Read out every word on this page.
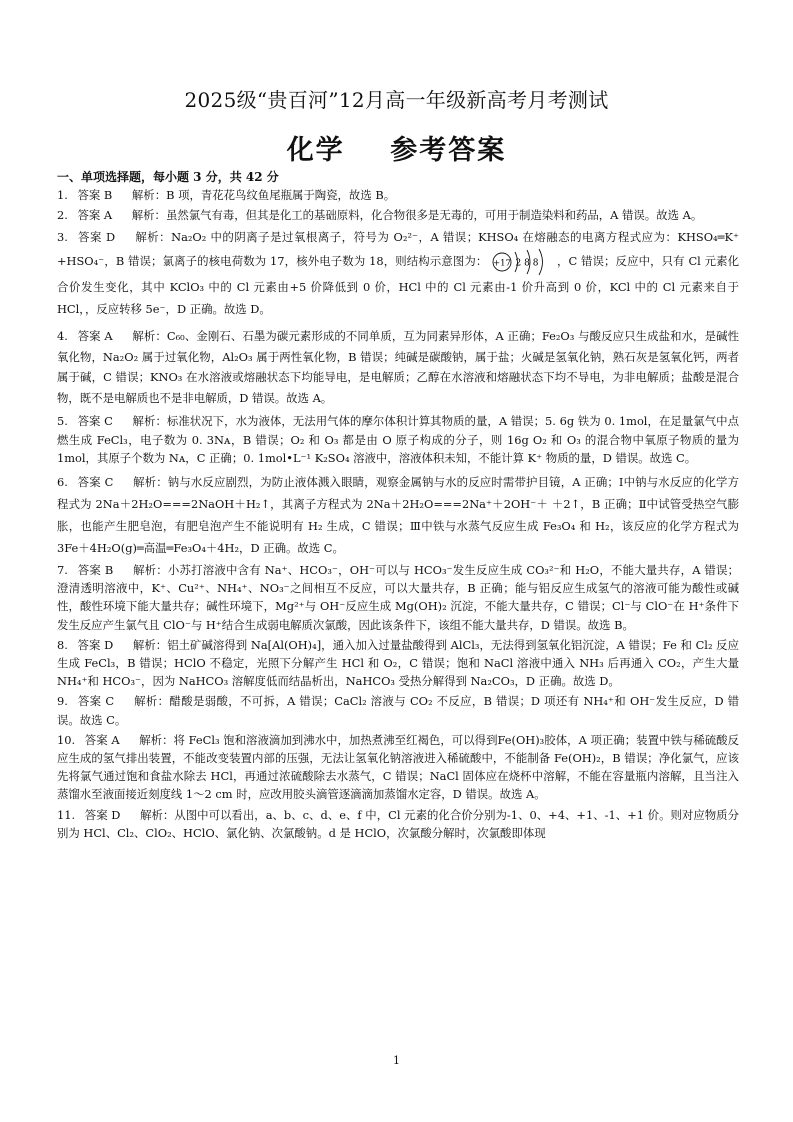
2025级“贵百河”12月高一年级新高考月考测试
化学    参考答案
一、单项选择题，每小题 3 分，共 42 分

1. 答案 B 解析：B 项，青花花鸟纹鱼尾瓶属于陶瓷，故选 B。

2. 答案 A 解析：虽然氯气有毒，但其是化工的基础原料，化合物很多是无毒的，可用于制造染料和药品，A 错误。故选 A。

3. 答案 D 解析：Na₂O₂ 中的阴离子是过氧根离子，符号为 O₂²⁻，A 错误；KHSO₄ 在熔融态的电离方程式应为：KHSO₄═K⁺ +HSO₄⁻，B 错误；氯离子的核电荷数为 17，核外电子数为 18，则结构示意图为： +17 2 8 8 ，C 错误；反应中，只有 Cl 元素化合价发生变化，其中 KClO₃ 中的 Cl 元素由+5 价降低到 0 价，HCl 中的 Cl 元素由-1 价升高到 0 价，KCl 中的 Cl 元素来自于 HCl，，反应转移 5e⁻，D 正确。故选 D。

4. 答案 A 解析：C₆₀、金刚石、石墨为碳元素形成的不同单质，互为同素异形体，A 正确；Fe₂O₃ 与酸反应只生成盐和水，是碱性氧化物，Na₂O₂ 属于过氧化物，Al₂O₃ 属于两性氧化物，B 错误；纯碱是碳酸钠，属于盐；火碱是氢氧化钠，熟石灰是氢氧化钙，两者属于碱，C 错误；KNO₃ 在水溶液或熔融状态下均能导电，是电解质；乙醇在水溶液和熔融状态下均不导电，为非电解质；盐酸是混合物，既不是电解质也不是非电解质，D 错误。故选 A。

5. 答案 C 解析：标准状况下，水为液体，无法用气体的摩尔体积计算其物质的量，A 错误；5. 6g 铁为 0. 1mol，在足量氯气中点燃生成 FeCl₃，电子数为 0. 3Nᴀ，B 错误；O₂ 和 O₃ 都是由 O 原子构成的分子，则 16g O₂ 和 O₃ 的混合物中氧原子物质的量为 1mol，其原子个数为 Nᴀ，C 正确；0. 1mol•L⁻¹ K₂SO₄ 溶液中，溶液体积未知，不能计算 K⁺ 物质的量，D 错误。故选 C。

6. 答案 C 解析：钠与水反应剧烈，为防止液体溅入眼睛，观察金属钠与水的反应时需带护目镜，A 正确；Ⅰ中钠与水反应的化学方程式为 2Na＋2H₂O===2NaOH＋H₂↑，其离子方程式为 2Na＋2H₂O===2Na⁺＋2OH⁻＋ ＋2↑，B 正确；Ⅱ中试管受热空气膨胀，也能产生肥皂泡，有肥皂泡产生不能说明有 H₂ 生成，C 错误；Ⅲ中铁与水蒸气反应生成 Fe₃O₄ 和 H₂，该反应的化学方程式为 3Fe＋4H₂O(g)═高温═Fe₃O₄＋4H₂，D 正确。故选 C。

7. 答案 B 解析：小苏打溶液中含有 Na⁺、HCO₃⁻，OH⁻可以与 HCO₃⁻发生反应生成 CO₃²⁻和 H₂O，不能大量共存，A 错误；澄清透明溶液中，K⁺、Cu²⁺、NH₄⁺、NO₃⁻之间相互不反应，可以大量共存，B 正确；能与铝反应生成氢气的溶液可能为酸性或碱性，酸性环境下能大量共存；碱性环境下，Mg²⁺与 OH⁻反应生成 Mg(OH)₂ 沉淀，不能大量共存，C 错误；Cl⁻与 ClO⁻在 H⁺条件下发生反应产生氯气且 ClO⁻与 H⁺结合生成弱电解质次氯酸，因此该条件下，该组不能大量共存，D 错误。故选 B。

8. 答案 D 解析：铝土矿碱溶得到 Na[Al(OH)₄]，通入加入过量盐酸得到 AlCl₃，无法得到氢氧化铝沉淀，A 错误；Fe 和 Cl₂ 反应生成 FeCl₃，B 错误；HClO 不稳定，光照下分解产生 HCl 和 O₂，C 错误；饱和 NaCl 溶液中通入 NH₃ 后再通入 CO₂，产生大量 NH₄⁺和 HCO₃⁻，因为 NaHCO₃ 溶解度低而结晶析出，NaHCO₃ 受热分解得到 Na₂CO₃，D 正确。故选 D。

9. 答案 C 解析：醋酸是弱酸，不可拆，A 错误；CaCl₂ 溶液与 CO₂ 不反应，B 错误；D 项还有 NH₄⁺和 OH⁻发生反应，D 错误。故选 C。

10. 答案 A 解析：将 FeCl₃ 饱和溶液滴加到沸水中，加热煮沸至红褐色，可以得到Fe(OH)₃胶体，A 项正确；装置中铁与稀硫酸反应生成的氢气排出装置，不能改变装置内部的压强，无法让氢氧化钠溶液进入稀硫酸中，不能制备 Fe(OH)₂，B 错误；净化氯气，应该先将氯气通过饱和食盐水除去 HCl，再通过浓硫酸除去水蒸气，C 错误；NaCl 固体应在烧杯中溶解，不能在容量瓶内溶解，且当注入蒸馏水至液面接近刻度线 1～2 cm 时，应改用胶头滴管逐滴滴加蒸馏水定容，D 错误。故选 A。

11. 答案 D 解析：从图中可以看出，a、b、c、d、e、f 中，Cl 元素的化合价分别为-1、0、+4、+1、-1、+1 价。则对应物质分别为 HCl、Cl₂、ClO₂、HClO、氯化钠、次氯酸钠。d 是 HClO，次氯酸分解时，次氯酸即体现

1
